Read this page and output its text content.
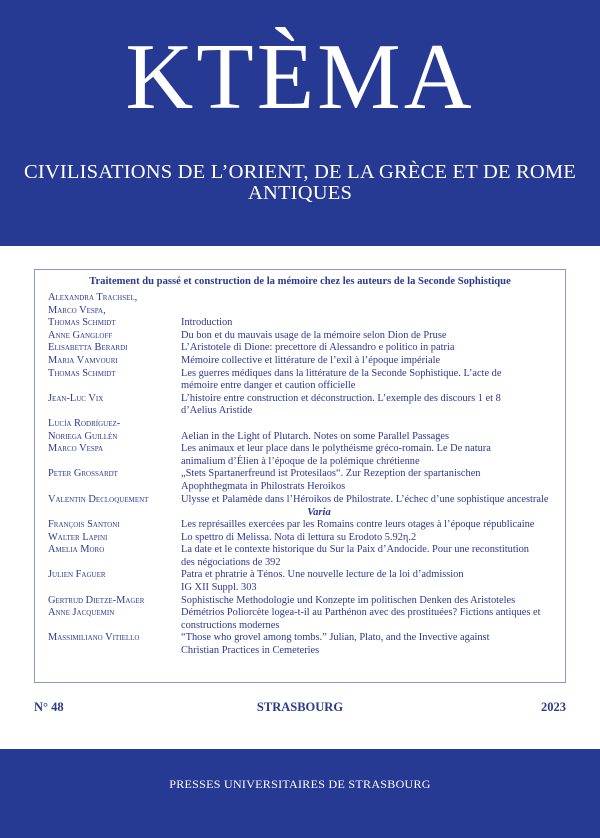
KTÈMA
CIVILISATIONS DE L’ORIENT, DE LA GRÈCE ET DE ROME ANTIQUES
Traitement du passé et construction de la mémoire chez les auteurs de la Seconde Sophistique
Alexandra Trachsel,
Marco Vespa,
Thomas Schmidt	Introduction
Anne Gangloff	Du bon et du mauvais usage de la mémoire selon Dion de Pruse
Elisabetta Berardi	L’Aristotele di Dione: precettore di Alessandro e politico in patria
Maria Vamvouri	Mémoire collective et littérature de l’exil à l’époque impériale
Thomas Schmidt	Les guerres médiques dans la littérature de la Seconde Sophistique. L’acte de
mémoire entre danger et caution officielle
Jean-Luc Vix	L’histoire entre construction et déconstruction. L’exemple des discours 1 et 8
d’Aelius Aristide
Lucía Rodríguez-
Noriega Guillén	Aelian in the Light of Plutarch. Notes on some Parallel Passages
Marco Vespa	Les animaux et leur place dans le polythéisme gréco-romain. Le De natura
animalium d’Élien à l’époque de la polémique chrétienne
Peter Grossardt	„Stets Spartanerfreund ist Protesilaos“. Zur Rezeption der spartanischen
Apophthegmata in Philostrats Heroikos
Valentin Decloquement	Ulysse et Palamède dans l’Héroikos de Philostrate. L’échec d’une sophistique ancestrale
Varia
François Santoni	Les représailles exercées par les Romains contre leurs otages à l’époque républicaine
Walter Lapini	Lo spettro di Melissa. Nota di lettura su Erodoto 5.92η.2
Amelia Moro	La date et le contexte historique du Sur la Paix d’Andocide. Pour une reconstitution
des négociations de 392
Julien Faguer	Patra et phratrie à Ténos. Une nouvelle lecture de la loi d’admission
IG XII Suppl. 303
Gertrud Dietze-Mager	Sophistische Methodologie und Konzepte im politischen Denken des Aristoteles
Anne Jacquemin	Démétrios Poliorcète logea-t-il au Parthénon avec des prostituées? Fictions antiques et
constructions modernes
Massimiliano Vitiello	“Those who grovel among tombs.” Julian, Plato, and the Invective against
Christian Practices in Cemeteries
N° 48	STRASBOURG	2023
PRESSES UNIVERSITAIRES DE STRASBOURG
